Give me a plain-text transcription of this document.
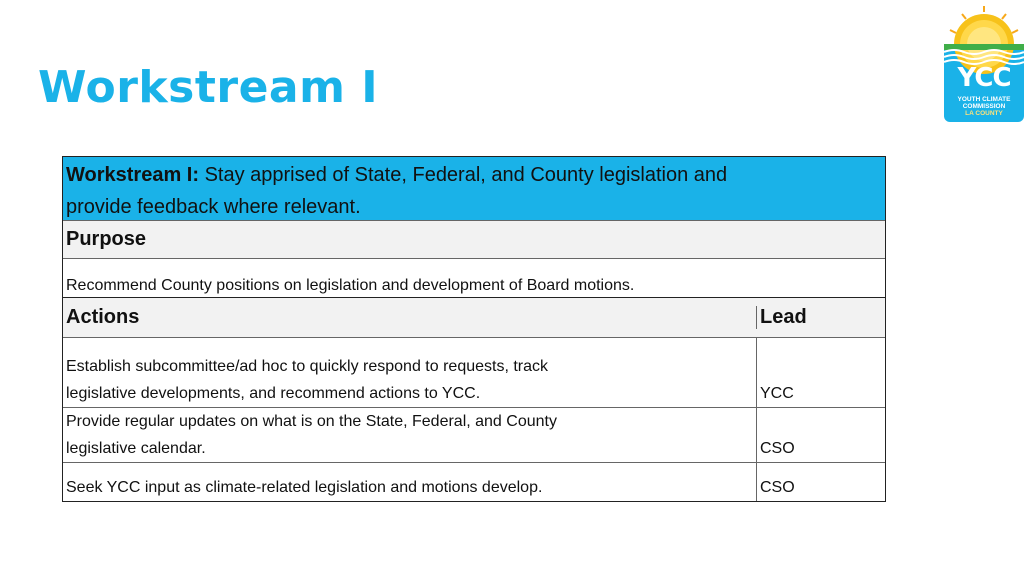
Workstream I	YCC
YOUTH CLIMATE
COMMISSION
LA COUNTY
Workstream I: Stay apprised of State, Federal, and County legislation and
provide feedback where relevant.
Purpose
Recommend County positions on legislation and development of Board motions.
Actions	Lead
Establish subcommittee/ad hoc to quickly respond to requests, track
legislative developments, and recommend actions to YCC.	YCC
Provide regular updates on what is on the State, Federal, and County
legislative calendar.	CSO
Seek YCC input as climate-related legislation and motions develop.	CSO
